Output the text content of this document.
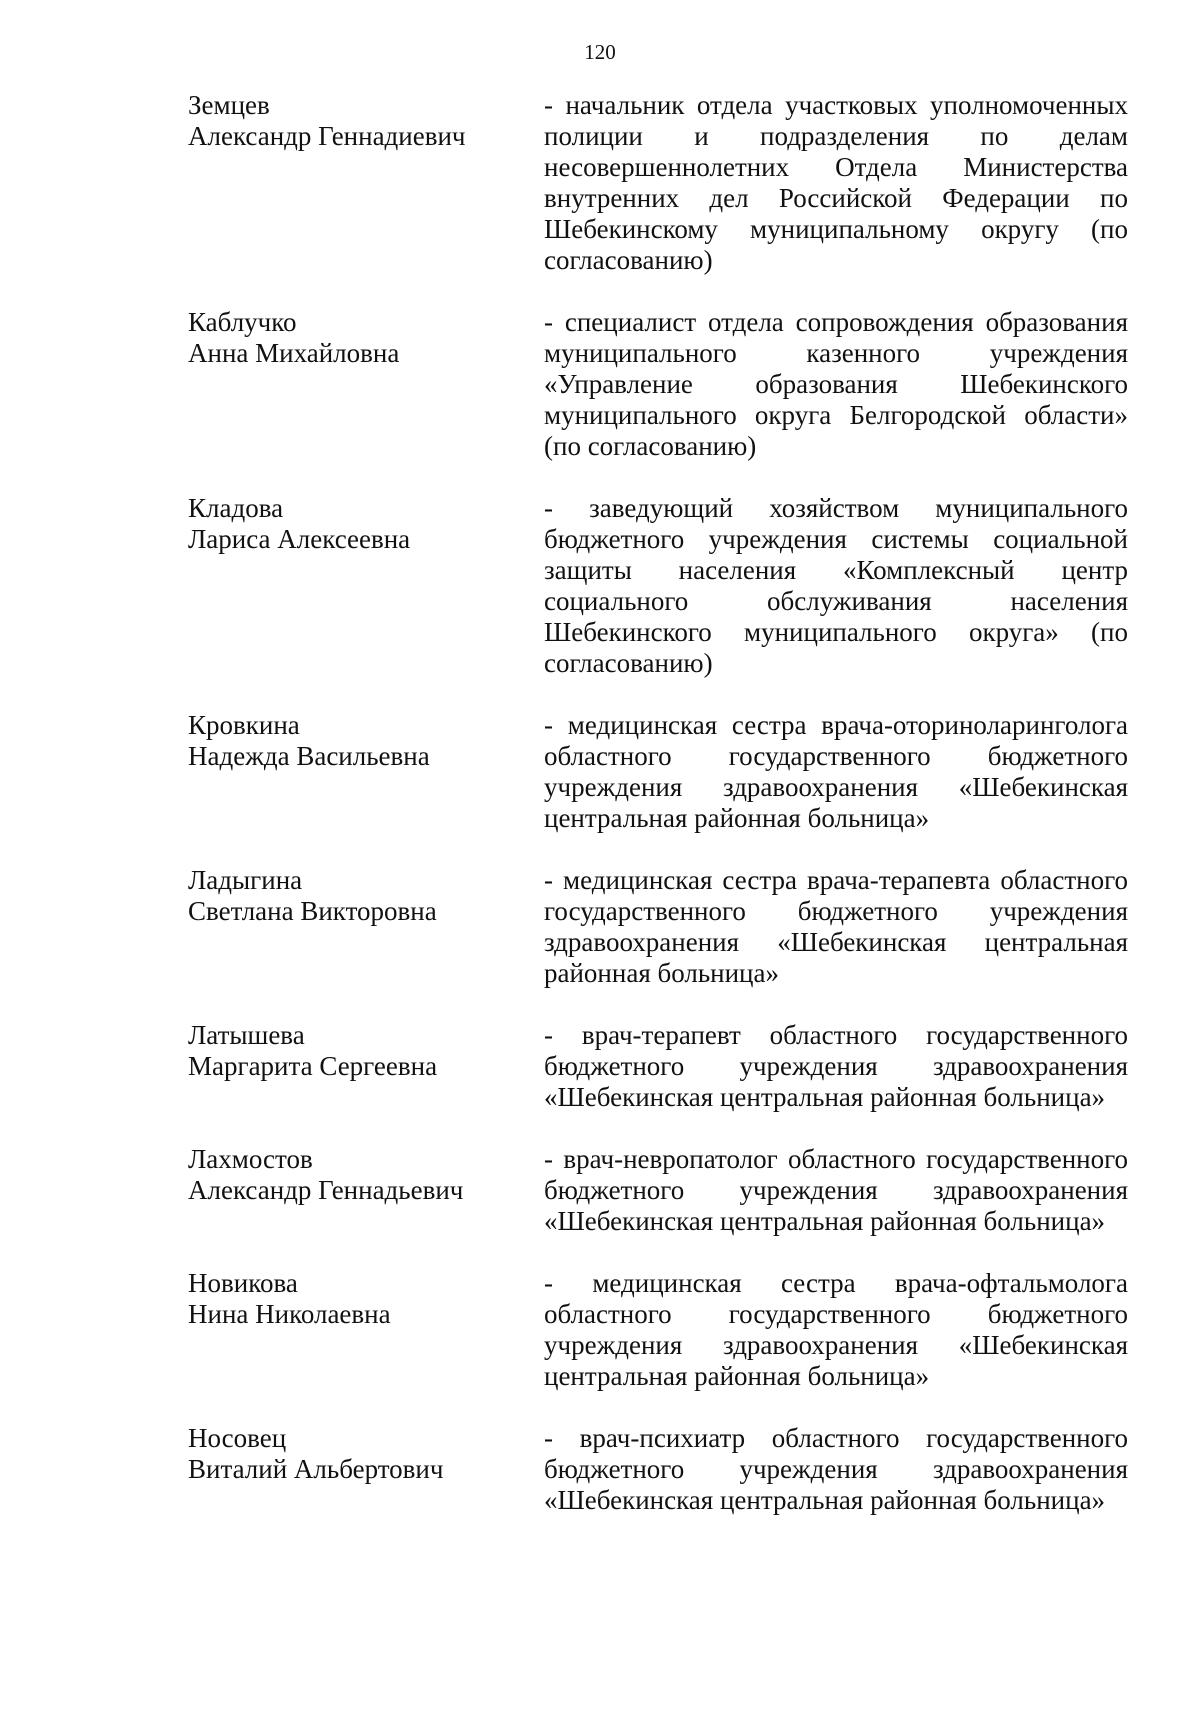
120
Земцев
Александр Геннадиевич

- начальник отдела участковых уполномоченных полиции и подразделения по делам несовершеннолетних Отдела Министерства внутренних дел Российской Федерации по Шебекинскому муниципальному округу (по согласованию)

Каблучко
Анна Михайловна

- специалист отдела сопровождения образования муниципального казенного учреждения «Управление образования Шебекинского муниципального округа Белгородской области» (по согласованию)

Кладова
Лариса Алексеевна

- заведующий хозяйством муниципального бюджетного учреждения системы социальной защиты населения «Комплексный центр социального обслуживания населения Шебекинского муниципального округа» (по согласованию)

Кровкина
Надежда Васильевна

- медицинская сестра врача-оториноларинголога областного государственного бюджетного учреждения здравоохранения «Шебекинская центральная районная больница»

Ладыгина
Светлана Викторовна

- медицинская сестра врача-терапевта областного государственного бюджетного учреждения здравоохранения «Шебекинская центральная районная больница»

Латышева
Маргарита Сергеевна

- врач-терапевт областного государственного бюджетного учреждения здравоохранения «Шебекинская центральная районная больница»

Лахмостов
Александр Геннадьевич

- врач-невропатолог областного государственного бюджетного учреждения здравоохранения «Шебекинская центральная районная больница»

Новикова
Нина Николаевна

- медицинская сестра врача-офтальмолога областного государственного бюджетного учреждения здравоохранения «Шебекинская центральная районная больница»

Носовец
Виталий Альбертович

- врач-психиатр областного государственного бюджетного учреждения здравоохранения «Шебекинская центральная районная больница»
